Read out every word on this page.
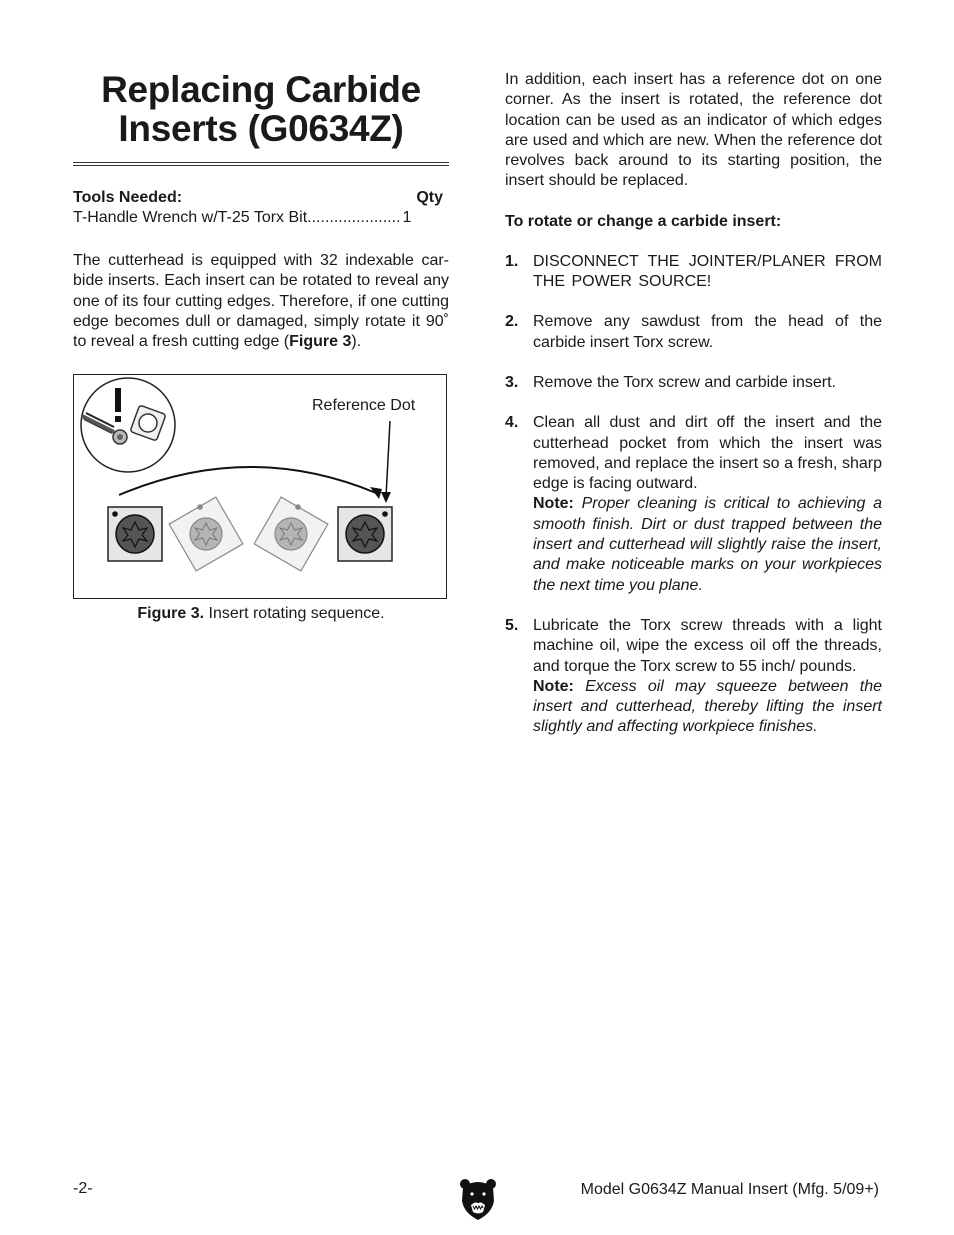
Replacing Carbide
Inserts (G0634Z)
Tools Needed:	Qty
T-Handle Wrench w/T-25 Torx Bit..................... 1

The cutterhead is equipped with 32 indexable car-bide inserts. Each insert can be rotated to reveal any one of its four cutting edges. Therefore, if one cutting edge becomes dull or damaged, simply rotate it 90˚ to reveal a fresh cutting edge (Figure 3).

Reference Dot
Figure 3. Insert rotating sequence.

In addition, each insert has a reference dot on one corner. As the insert is rotated, the reference dot location can be used as an indicator of which edges are used and which are new. When the reference dot revolves back around to its starting position, the insert should be replaced.

To rotate or change a carbide insert:

1. DISCONNECT THE JOINTER/PLANER FROM THE POWER SOURCE!

2. Remove any sawdust from the head of the carbide insert Torx screw.

3. Remove the Torx screw and carbide insert.

4. Clean all dust and dirt off the insert and the cutterhead pocket from which the insert was removed, and replace the insert so a fresh, sharp edge is facing outward.

Note: Proper cleaning is critical to achieving a smooth finish. Dirt or dust trapped between the insert and cutterhead will slightly raise the insert, and make noticeable marks on your workpieces the next time you plane.

5. Lubricate the Torx screw threads with a light machine oil, wipe the excess oil off the threads, and torque the Torx screw to 55 inch/ pounds.

Note: Excess oil may squeeze between the insert and cutterhead, thereby lifting the insert slightly and affecting workpiece finishes.

-2-	Model G0634Z Manual Insert (Mfg. 5/09+)
